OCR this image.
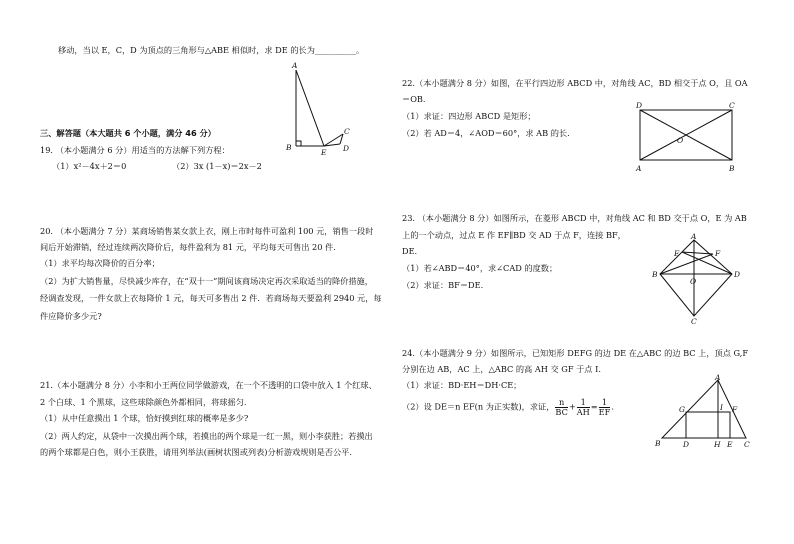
移动，当以 E，C，D 为顶点的三角形与△ABE 相似时，求 DE 的长为__________。
A
B
E
C
D
三、解答题（本大题共 6 个小题，满分 46 分）
19. （本小题满分 6 分）用适当的方法解下列方程：
（1）x²－4x＋2＝0	（2）3x (1－x)＝2x－2
20. （本小题满分 7 分）某商场销售某女款上衣，刚上市时每件可盈利 100 元，销售一段时
间后开始滞销，经过连续两次降价后，每件盈利为 81 元，平均每天可售出 20 件.
（1）求平均每次降价的百分率；
（2）为扩大销售量，尽快减少库存，在“双十一”期间该商场决定再次采取适当的降价措施，
经调查发现，一件女款上衣每降价 1 元，每天可多售出 2 件．若商场每天要盈利 2940 元，每
件应降价多少元?
21.（本小题满分 8 分）小李和小王两位同学做游戏，在一个不透明的口袋中放入 1 个红球、
2 个白球、1 个黑球，这些球除颜色外都相同，将球摇匀.
（1）从中任意摸出 1 个球，恰好摸到红球的概率是多少?
（2）两人约定，从袋中一次摸出两个球，若摸出的两个球是一红一黑，则小李获胜；若摸出
的两个球都是白色，则小王获胜，请用列举法(画树状图或列表)分析游戏规则是否公平.
22.（本小题满分 8 分）如图，在平行四边形 ABCD 中，对角线 AC，BD 相交于点 O，且 OA
＝OB.
（1）求证：四边形 ABCD 是矩形；
（2）若 AD＝4，∠AOD＝60°，求 AB 的长.
D	C
A	B
O
23. （本小题满分 8 分）如图所示，在菱形 ABCD 中，对角线 AC 和 BD 交于点 O，E 为 AB
上的一个动点，过点 E 作 EF∥BD 交 AD 于点 F，连接 BF，
DE.
（1）若∠ABD＝40°，求∠CAD 的度数；
（2）求证：BF＝DE.
A
E	F
B	D
O
C
24.（本小题满分 9 分）如图所示，已知矩形 DEFG 的边 DE 在△ABC 的边 BC 上，顶点 G,F
分别在边 AB，AC 上，△ABC 的高 AH 交 GF 于点 I.
（1）求证：BD·EH＝DH·CE；
（2）设 DE＝n EF(n 为正实数)，求证， $\frac{n}{BC} + \frac{1}{AH} = \frac{1}{EF}$ .
A
G	I F
B	D	H E C
